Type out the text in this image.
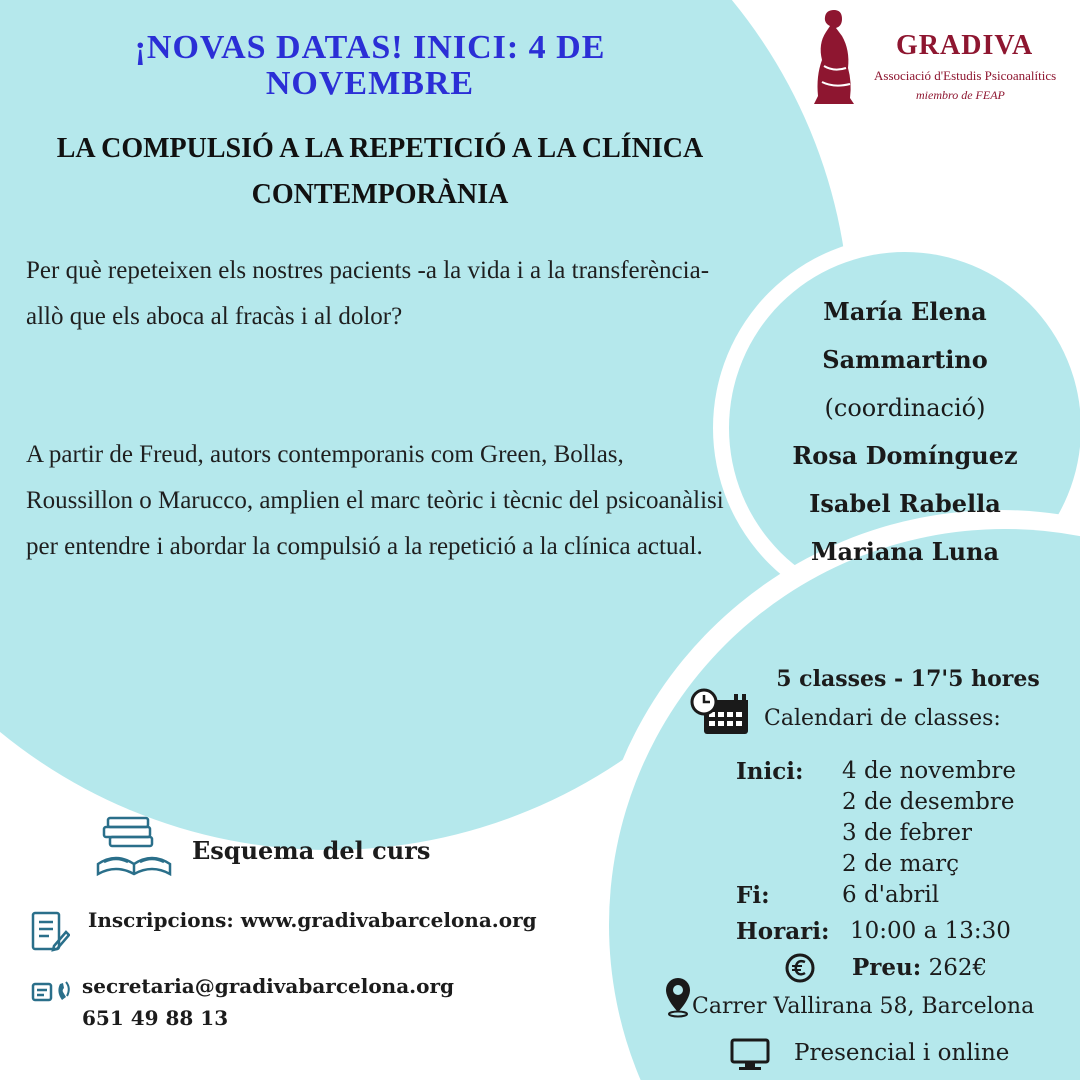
¡NOVAS DATAS! INICI: 4 DE NOVEMBRE
LA COMPULSIÓ A LA REPETICIÓ A LA CLÍNICA CONTEMPORÀNIA
Per què repeteixen els nostres pacients -a la vida i a la transferència- allò que els aboca al fracàs i al dolor?
A partir de Freud, autors contemporanis com Green, Bollas, Roussillon o Marucco, amplien el marc teòric i tècnic del psicoanàlisi per entendre i abordar la compulsió a la repetició a la clínica actual.
GRADIVA
Associació d'Estudis Psicoanalítics
miembro de FEAP
María Elena
Sammartino
(coordinació)
Rosa Domínguez
Isabel Rabella
Mariana Luna
5 classes - 17'5 hores
Calendari de classes:
Inici: 4 de novembre
2 de desembre
3 de febrer
2 de març
Fi:	6 d'abril
Horari: 10:00 a 13:30
Preu: 262€
Carrer Vallirana 58, Barcelona
Presencial i online
Esquema del curs
Inscripcions: www.gradivabarcelona.org
secretaria@gradivabarcelona.org
651 49 88 13
